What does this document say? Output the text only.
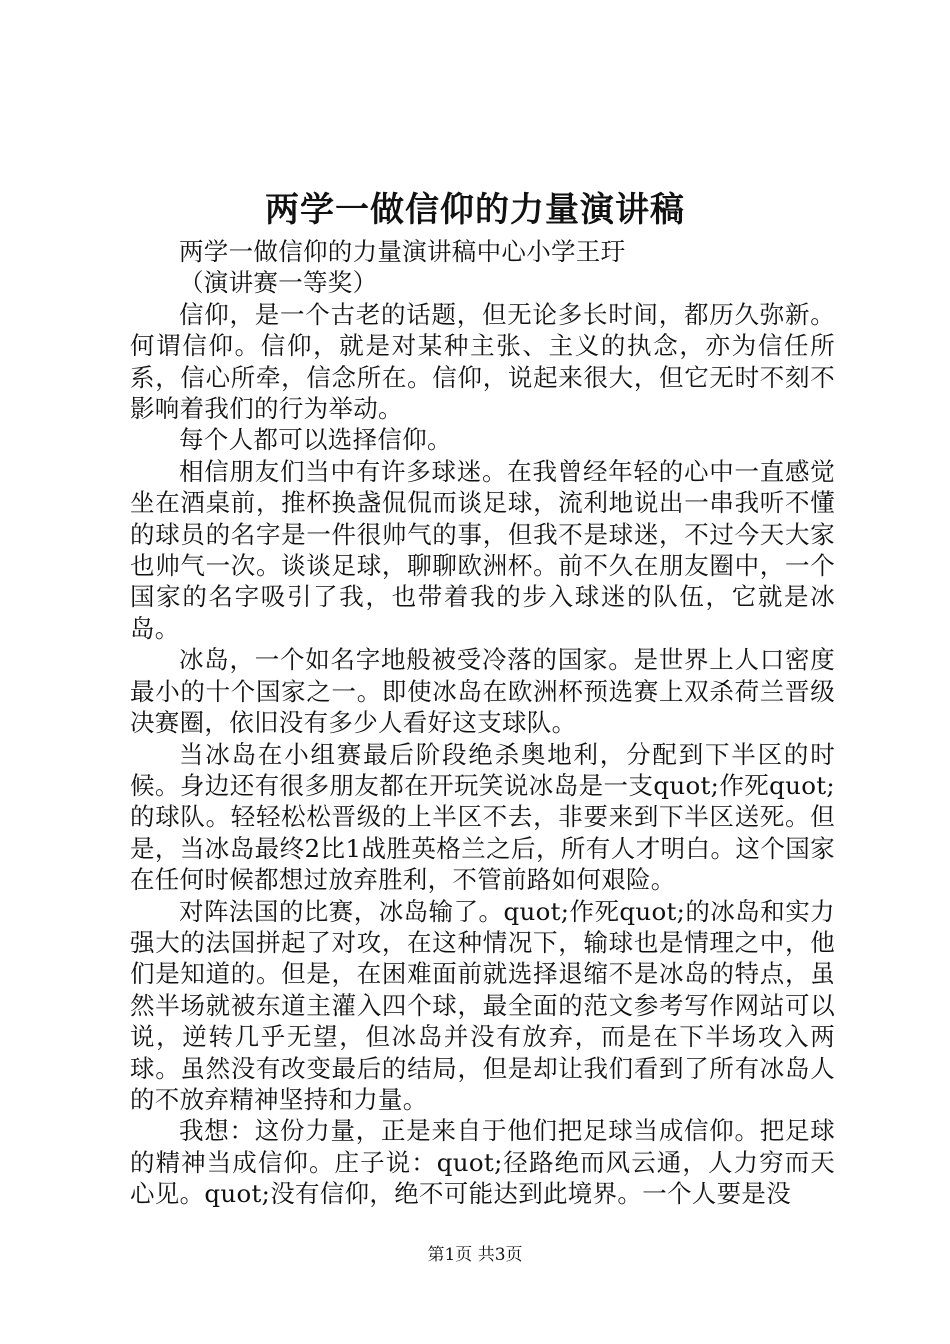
两学一做信仰的力量演讲稿

两学一做信仰的力量演讲稿中心小学王玗

（演讲赛一等奖）

信仰，是一个古老的话题，但无论多长时间，都历久弥新。何谓信仰。信仰，就是对某种主张、主义的执念，亦为信任所系，信心所牵，信念所在。信仰，说起来很大，但它无时不刻不影响着我们的行为举动。

每个人都可以选择信仰。

相信朋友们当中有许多球迷。在我曾经年轻的心中一直感觉坐在酒桌前，推杯换盏侃侃而谈足球，流利地说出一串我听不懂的球员的名字是一件很帅气的事，但我不是球迷，不过今天大家也帅气一次。谈谈足球，聊聊欧洲杯。前不久在朋友圈中，一个国家的名字吸引了我，也带着我的步入球迷的队伍，它就是冰岛。

冰岛，一个如名字地般被受冷落的国家。是世界上人口密度最小的十个国家之一。即使冰岛在欧洲杯预选赛上双杀荷兰晋级决赛圈，依旧没有多少人看好这支球队。

当冰岛在小组赛最后阶段绝杀奥地利，分配到下半区的时候。身边还有很多朋友都在开玩笑说冰岛是一支quot;作死quot;的球队。轻轻松松晋级的上半区不去，非要来到下半区送死。但是，当冰岛最终2比1战胜英格兰之后，所有人才明白。这个国家在任何时候都想过放弃胜利，不管前路如何艰险。

对阵法国的比赛，冰岛输了。quot;作死quot;的冰岛和实力强大的法国拼起了对攻，在这种情况下，输球也是情理之中，他们是知道的。但是，在困难面前就选择退缩不是冰岛的特点，虽然半场就被东道主灌入四个球，最全面的范文参考写作网站可以说，逆转几乎无望，但冰岛并没有放弃，而是在下半场攻入两球。虽然没有改变最后的结局，但是却让我们看到了所有冰岛人的不放弃精神坚持和力量。

我想：这份力量，正是来自于他们把足球当成信仰。把足球的精神当成信仰。庄子说：quot;径路绝而风云通，人力穷而天心见。quot;没有信仰，绝不可能达到此境界。一个人要是没

第1页 共3页
